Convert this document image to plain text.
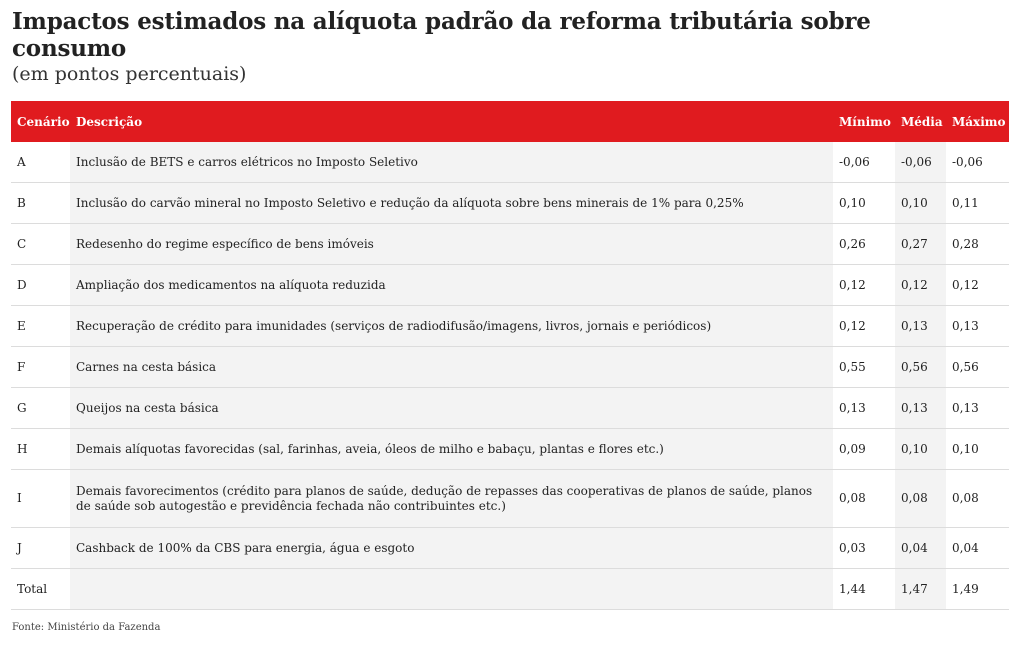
Impactos estimados na alíquota padrão da reforma tributária sobre consumo
(em pontos percentuais)
Cenário	Descrição	Mínimo	Média	Máximo
A	Inclusão de BETS e carros elétricos no Imposto Seletivo	-0,06	-0,06	-0,06
B	Inclusão do carvão mineral no Imposto Seletivo e redução da alíquota sobre bens minerais de 1% para 0,25%	0,10	0,10	0,11
C	Redesenho do regime específico de bens imóveis	0,26	0,27	0,28
D	Ampliação dos medicamentos na alíquota reduzida	0,12	0,12	0,12
E	Recuperação de crédito para imunidades (serviços de radiodifusão/imagens, livros, jornais e periódicos)	0,12	0,13	0,13
F	Carnes na cesta básica	0,55	0,56	0,56
G	Queijos na cesta básica	0,13	0,13	0,13
H	Demais alíquotas favorecidas (sal, farinhas, aveia, óleos de milho e babaçu, plantas e flores etc.)	0,09	0,10	0,10
I	Demais favorecimentos (crédito para planos de saúde, dedução de repasses das cooperativas de planos de saúde, planos de saúde sob autogestão e previdência fechada não contribuintes etc.)	0,08	0,08	0,08
J	Cashback de 100% da CBS para energia, água e esgoto	0,03	0,04	0,04
Total		1,44	1,47	1,49
Fonte: Ministério da Fazenda
